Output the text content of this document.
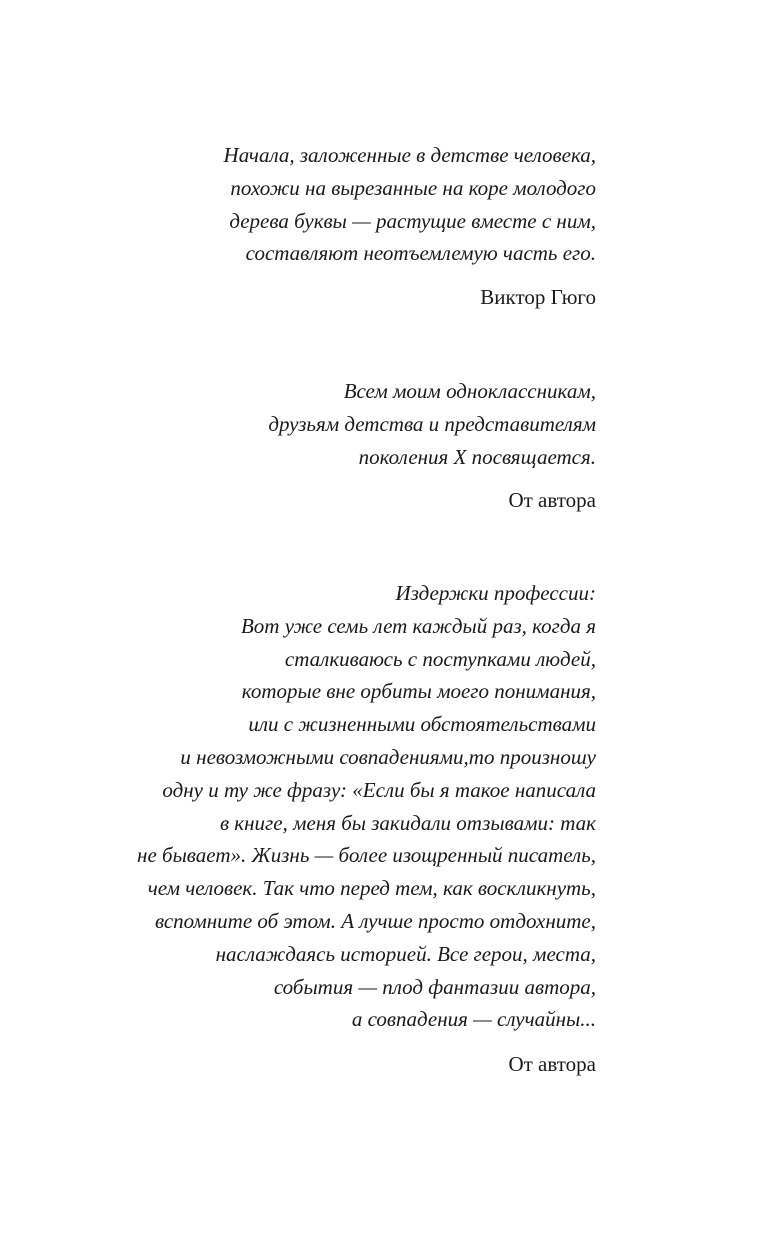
Начала, заложенные в детстве человека,
похожи на вырезанные на коре молодого
дерева буквы — растущие вместе с ним,
составляют неотъемлемую часть его.
Виктор Гюго
Всем моим одноклассникам,
друзьям детства и представителям
поколения X посвящается.
От автора
Издержки профессии:
Вот уже семь лет каждый раз, когда я
сталкиваюсь с поступками людей,
которые вне орбиты моего понимания,
или с жизненными обстоятельствами
и невозможными совпадениями,то произношу
одну и ту же фразу: «Если бы я такое написала
в книге, меня бы закидали отзывами: так
не бывает». Жизнь — более изощренный писатель,
чем человек. Так что перед тем, как воскликнуть,
вспомните об этом. А лучше просто отдохните,
наслаждаясь историей. Все герои, места,
события — плод фантазии автора,
а совпадения — случайны...
От автора
